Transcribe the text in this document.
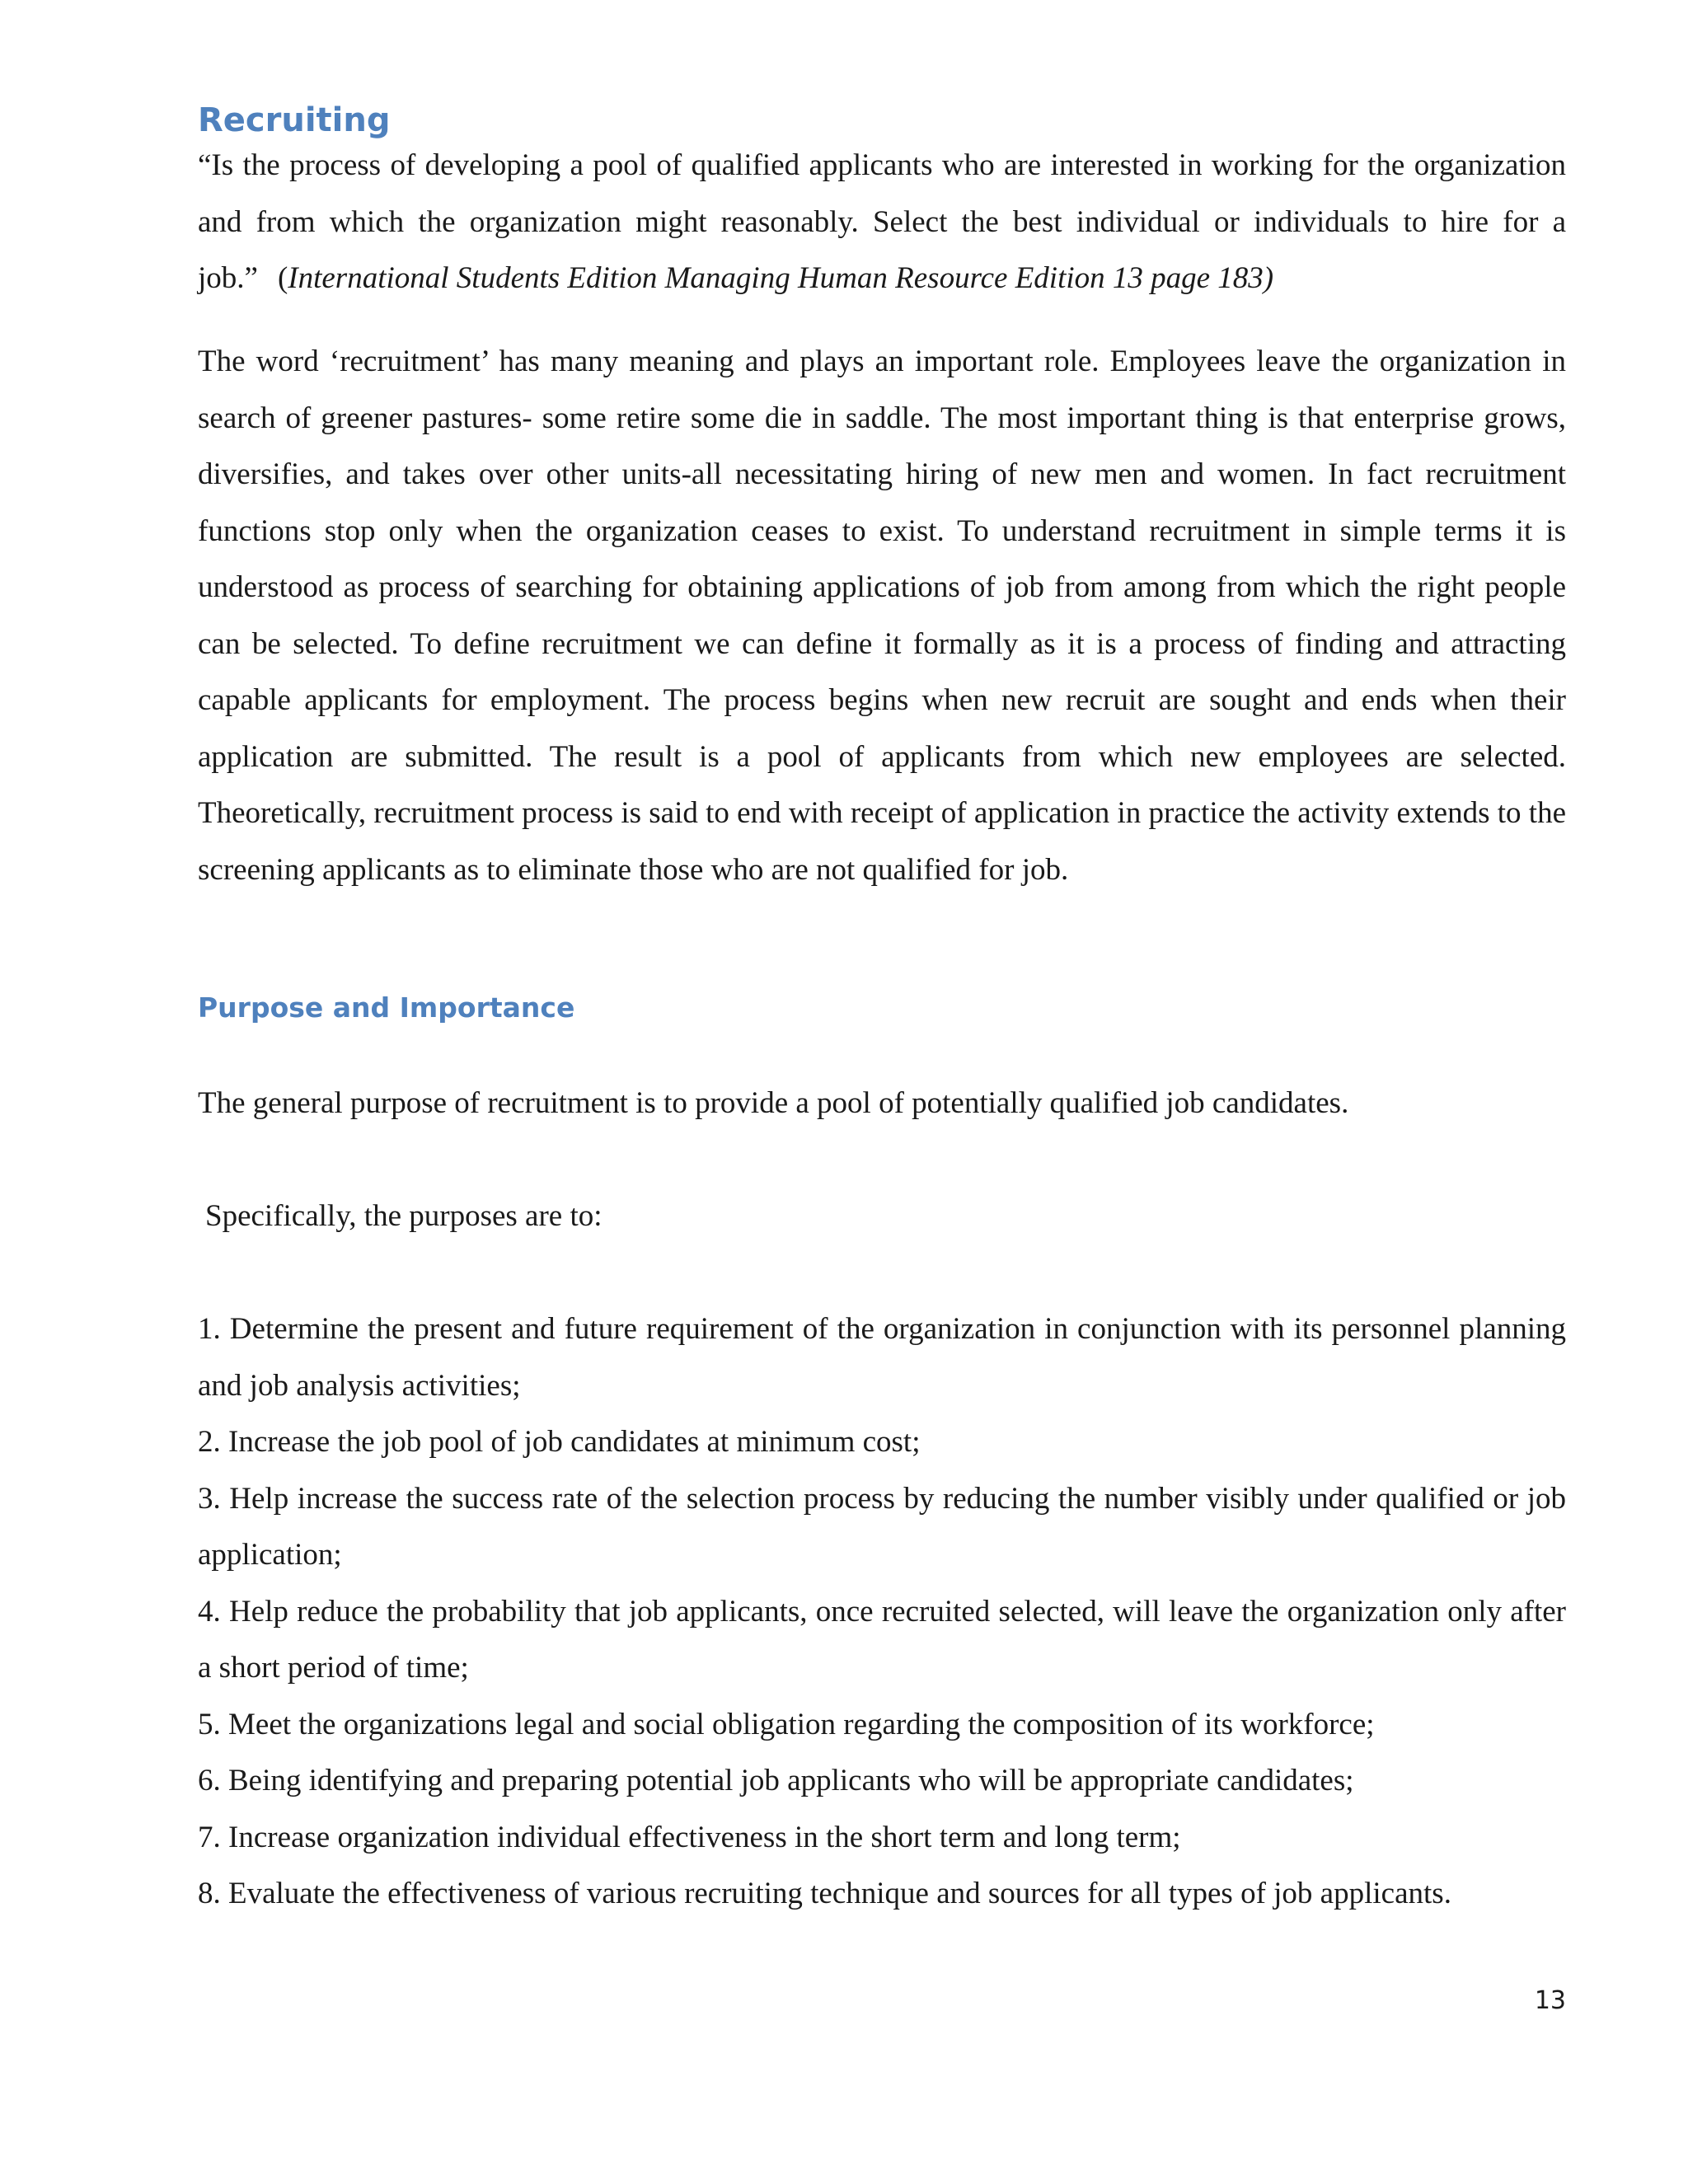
Recruiting

“Is the process of developing a pool of qualified applicants who are interested in working for the organization and from which the organization might reasonably. Select the best individual or individuals to hire for a job.” (International Students Edition Managing Human Resource Edition 13 page 183)

The word ‘recruitment’ has many meaning and plays an important role. Employees leave the organization in search of greener pastures- some retire some die in saddle. The most important thing is that enterprise grows, diversifies, and takes over other units-all necessitating hiring of new men and women. In fact recruitment functions stop only when the organization ceases to exist. To understand recruitment in simple terms it is understood as process of searching for obtaining applications of job from among from which the right people can be selected. To define recruitment we can define it formally as it is a process of finding and attracting capable applicants for employment. The process begins when new recruit are sought and ends when their application are submitted. The result is a pool of applicants from which new employees are selected. Theoretically, recruitment process is said to end with receipt of application in practice the activity extends to the screening applicants as to eliminate those who are not qualified for job.

Purpose and Importance

The general purpose of recruitment is to provide a pool of potentially qualified job candidates.

Specifically, the purposes are to:

1. Determine the present and future requirement of the organization in conjunction with its personnel planning and job analysis activities;
2. Increase the job pool of job candidates at minimum cost;
3. Help increase the success rate of the selection process by reducing the number visibly under qualified or job application;
4. Help reduce the probability that job applicants, once recruited selected, will leave the organization only after a short period of time;
5. Meet the organizations legal and social obligation regarding the composition of its workforce;
6. Being identifying and preparing potential job applicants who will be appropriate candidates;
7. Increase organization individual effectiveness in the short term and long term;
8. Evaluate the effectiveness of various recruiting technique and sources for all types of job applicants.
13
